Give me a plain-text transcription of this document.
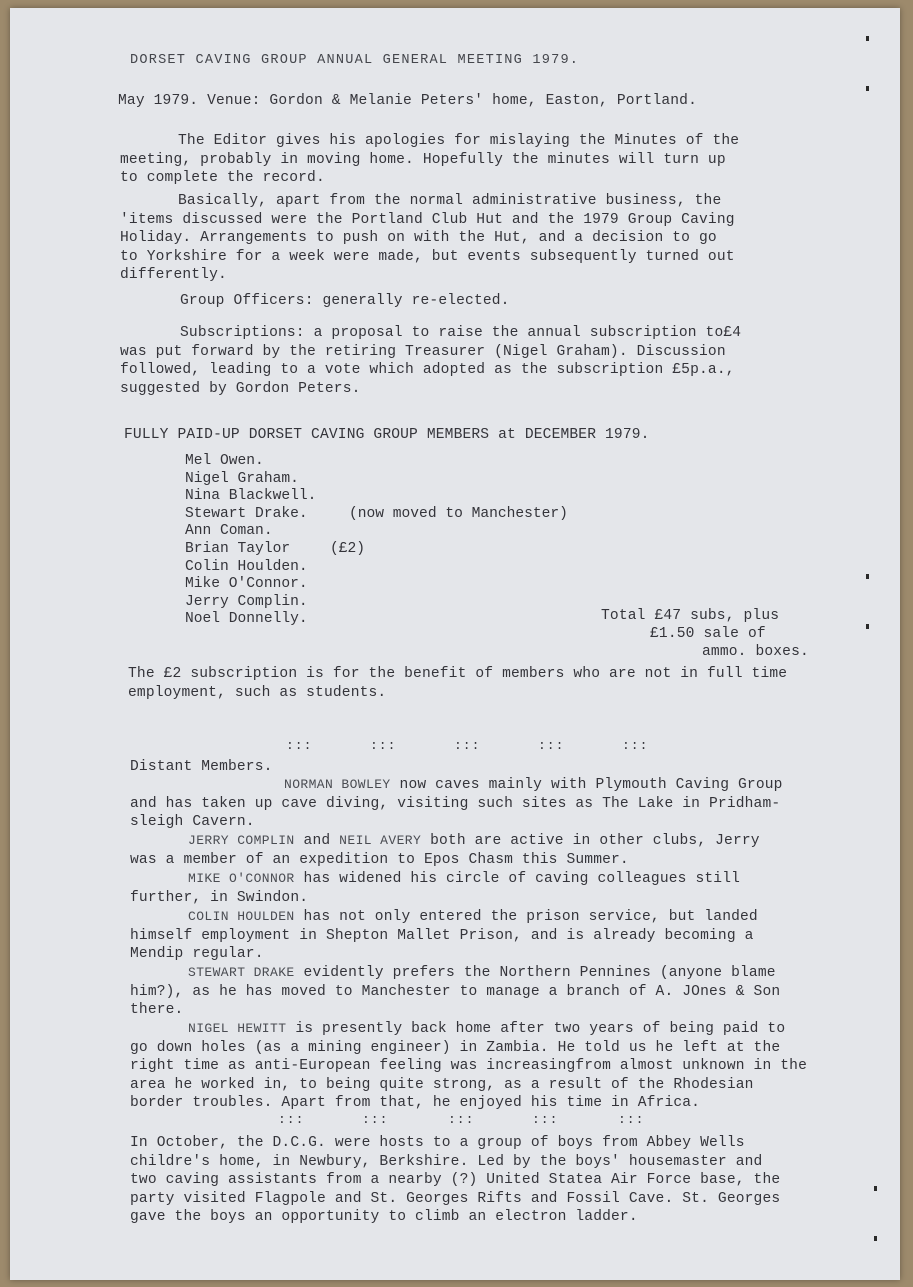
DORSET CAVING GROUP ANNUAL GENERAL MEETING 1979.

May 1979. Venue: Gordon & Melanie Peters' home, Easton, Portland.

The Editor gives his apologies for mislaying the Minutes of the
meeting, probably in moving home. Hopefully the minutes will turn up
to complete the record.
Basically, apart from the normal administrative business, the
'items discussed were the Portland Club Hut and the 1979 Group Caving
Holiday. Arrangements to push on with the Hut, and a decision to go
to Yorkshire for a week were made, but events subsequently turned out
differently.

Group Officers: generally re-elected.

Subscriptions: a proposal to raise the annual subscription to£4
was put forward by the retiring Treasurer (Nigel Graham). Discussion
followed, leading to a vote which adopted as the subscription £5p.a.,
suggested by Gordon Peters.

FULLY PAID-UP DORSET CAVING GROUP MEMBERS at DECEMBER 1979.

Mel Owen.
Nigel Graham.
Nina Blackwell.
Stewart Drake.	(now moved to Manchester)
Ann Coman.
Brian Taylor	(£2)
Colin Houlden.
Mike O'Connor.
Jerry Complin.
Noel Donnelly.	Total £47 subs, plus

£1.50 sale of

ammo. boxes.

The £2 subscription is for the benefit of members who are not in full time
employment, such as students.
:::	:::	:::	:::	:::

Distant Members.

NORMAN BOWLEY now caves mainly with Plymouth Caving Group
and has taken up cave diving, visiting such sites as The Lake in Pridham-
sleigh Cavern.
JERRY COMPLIN and NEIL AVERY both are active in other clubs, Jerry
was a member of an expedition to Epos Chasm this Summer.
MIKE O'CONNOR has widened his circle of caving colleagues still
further, in Swindon.
COLIN HOULDEN has not only entered the prison service, but landed
himself employment in Shepton Mallet Prison, and is already becoming a
Mendip regular.
STEWART DRAKE evidently prefers the Northern Pennines (anyone blame
him?), as he has moved to Manchester to manage a branch of A. JOnes & Son
there.
NIGEL HEWITT is presently back home after two years of being paid to
go down holes (as a mining engineer) in Zambia. He told us he left at the
right time as anti-European feeling was increasingfrom almost unknown in the
area he worked in, to being quite strong, as a result of the Rhodesian
border troubles. Apart from that, he enjoyed his time in Africa.
:::	:::	:::	:::	:::
In October, the D.C.G. were hosts to a group of boys from Abbey Wells
childre's home, in Newbury, Berkshire. Led by the boys' housemaster and
two caving assistants from a nearby (?) United Statea Air Force base, the
party visited Flagpole and St. Georges Rifts and Fossil Cave. St. Georges
gave the boys an opportunity to climb an electron ladder.
